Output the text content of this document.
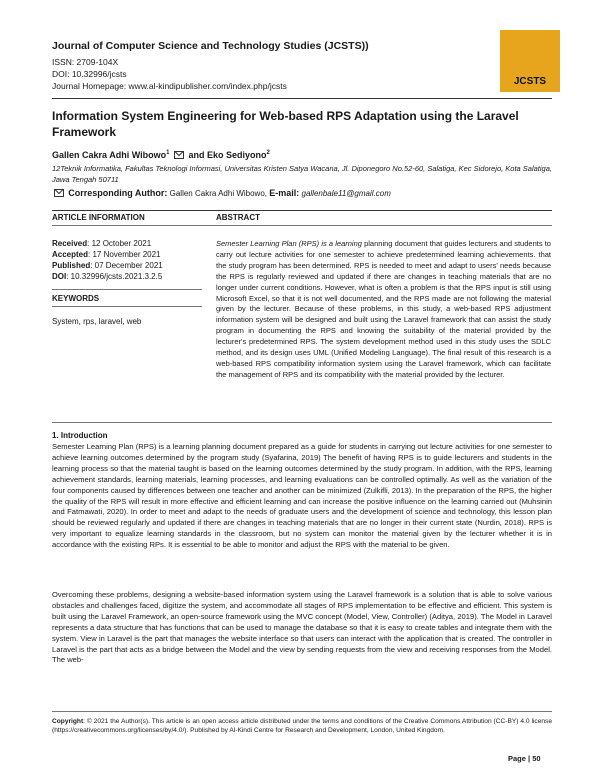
Journal of Computer Science and Technology Studies (JCSTS))
ISSN: 2709-104X
DOI: 10.32996/jcsts
Journal Homepage: www.al-kindipublisher.com/index.php/jcsts	JCSTS
Information System Engineering for Web-based RPS Adaptation using the Laravel Framework
Gallen Cakra Adhi Wibowo$^1$ and Eko Sediyono$^2$
12Teknik Informatika, Fakultas Teknologi Informasi, Universitas Kristen Satya Wacana, Jl. Diponegoro No.52-60, Salatiga, Kec Sidorejo, Kota Salatiga, Jawa Tengah 50711
Corresponding Author: Gallen Cakra Adhi Wibowo, E-mail: gallenbale11@gmail.com
ARTICLE INFORMATION	ABSTRACT
Received: 12 October 2021
Accepted: 17 November 2021
Published: 07 December 2021
DOI: 10.32996/jcsts.2021.3.2.5
KEYWORDS
System, rps, laravel, web
Semester Learning Plan (RPS) is a learning planning document that guides lecturers and students to carry out lecture activities for one semester to achieve predetermined learning achievements. that the study program has been determined. RPS is needed to meet and adapt to users' needs because the RPS is regularly reviewed and updated if there are changes in teaching materials that are no longer under current conditions. However, what is often a problem is that the RPS input is still using Microsoft Excel, so that it is not well documented, and the RPS made are not following the material given by the lecturer. Because of these problems, in this study, a web-based RPS adjustment information system will be designed and built using the Laravel framework that can assist the study program in documenting the RPS and knowing the suitability of the material provided by the lecturer's predetermined RPS. The system development method used in this study uses the SDLC method, and its design uses UML (Unified Modeling Language). The final result of this research is a web-based RPS compatibility information system using the Laravel framework, which can facilitate the management of RPS and its compatibility with the material provided by the lecturer.
1. Introduction
Semester Learning Plan (RPS) is a learning planning document prepared as a guide for students in carrying out lecture activities for one semester to achieve learning outcomes determined by the program study (Syafarina, 2019) The benefit of having RPS is to guide lecturers and students in the learning process so that the material taught is based on the learning outcomes determined by the study program. In addition, with the RPS, learning achievement standards, learning materials, learning processes, and learning evaluations can be controlled optimally. As well as the variation of the four components caused by differences between one teacher and another can be minimized (Zulkifli, 2013). In the preparation of the RPS, the higher the quality of the RPS will result in more effective and efficient learning and can increase the positive influence on the learning carried out (Muhsinin and Fatmawati, 2020). In order to meet and adapt to the needs of graduate users and the development of science and technology, this lesson plan should be reviewed regularly and updated if there are changes in teaching materials that are no longer in their current state (Nurdin, 2018). RPS is very important to equalize learning standards in the classroom, but no system can monitor the material given by the lecturer whether it is in accordance with the existing RPs. It is essential to be able to monitor and adjust the RPS with the material to be given.
Overcoming these problems, designing a website-based information system using the Laravel framework is a solution that is able to solve various obstacles and challenges faced, digitize the system, and accommodate all stages of RPS implementation to be effective and efficient. This system is built using the Laravel Framework, an open-source framework using the MVC concept (Model, View, Controller) (Aditya, 2019). The Model in Laravel represents a data structure that has functions that can be used to manage the database so that it is easy to create tables and integrate them with the system. View in Laravel is the part that manages the website interface so that users can interact with the application that is created. The controller in Laravel is the part that acts as a bridge between the Model and the view by sending requests from the view and receiving responses from the Model. The web-
Copyright: © 2021 the Author(s). This article is an open access article distributed under the terms and conditions of the Creative Commons Attribution (CC-BY) 4.0 license (https://creativecommons.org/licenses/by/4.0/). Published by Al-Kindi Centre for Research and Development, London, United Kingdom.
Page | 50
